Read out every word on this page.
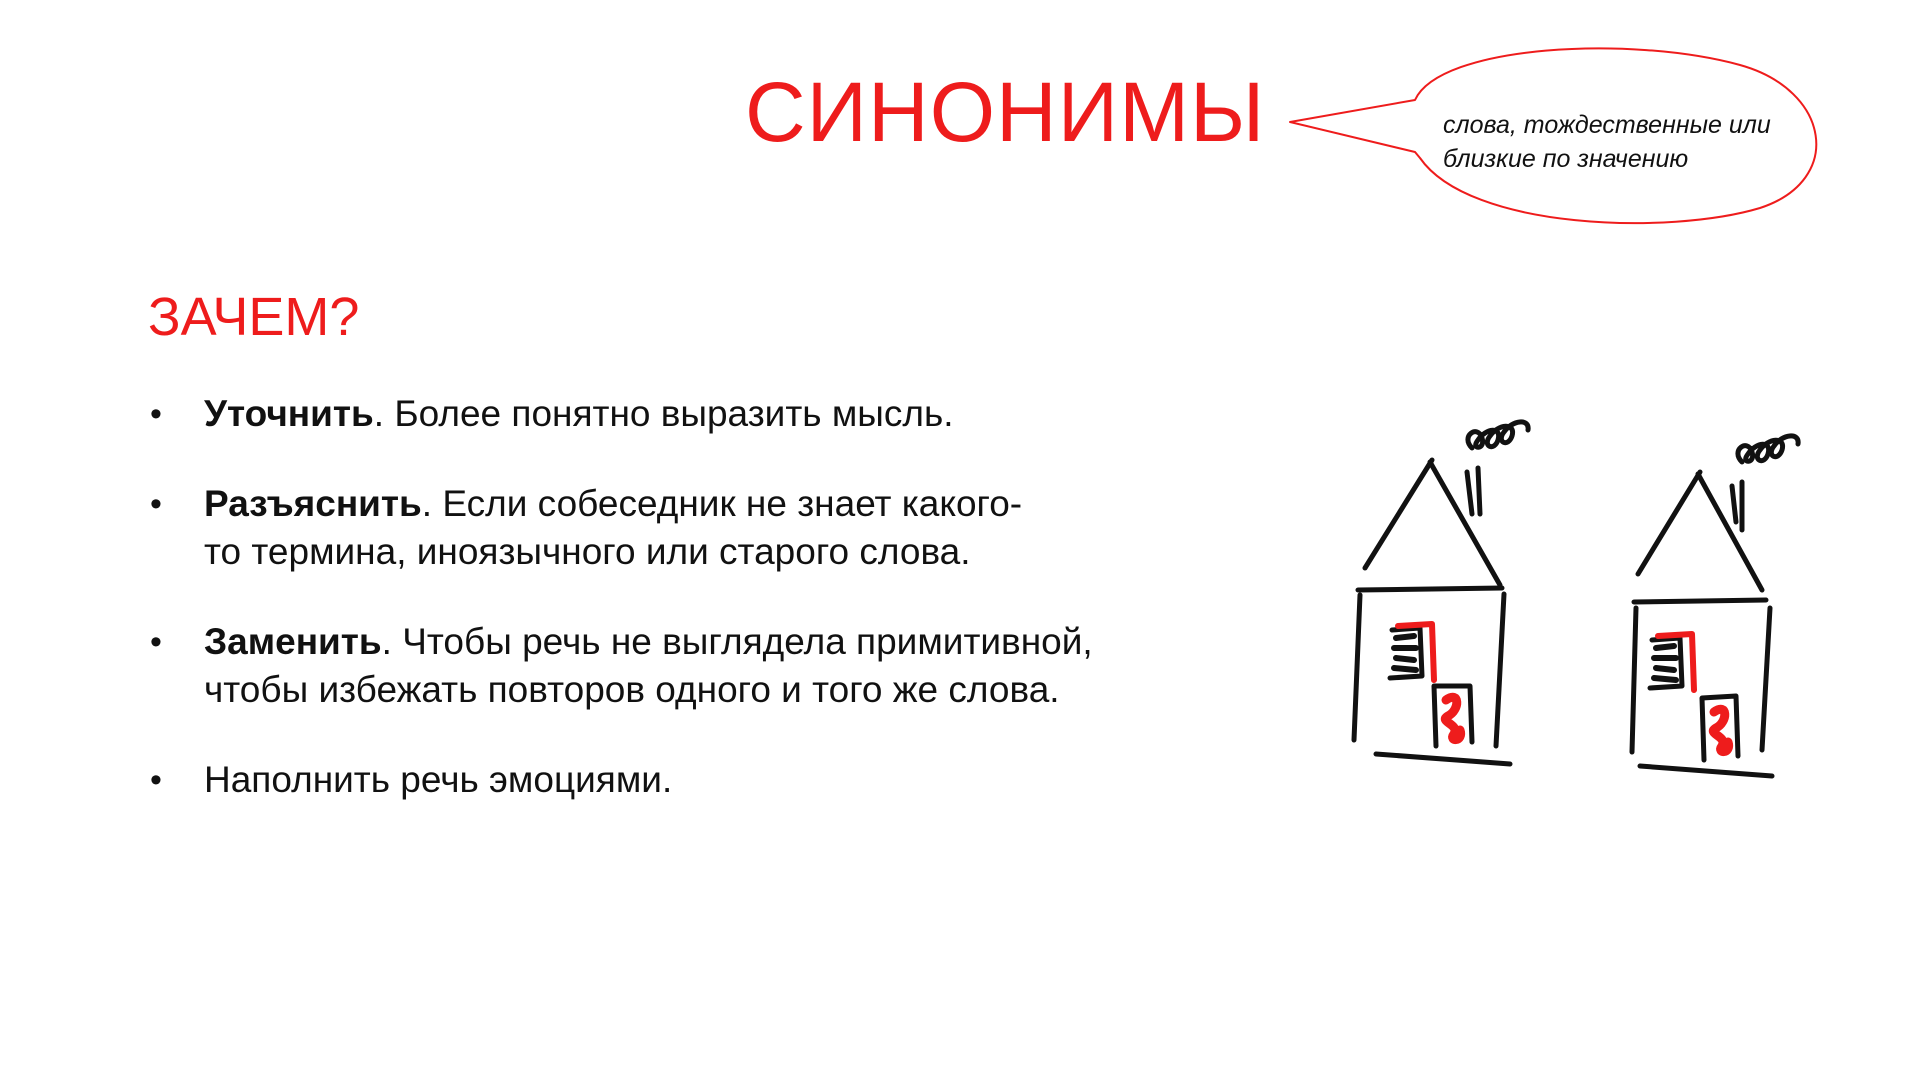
СИНОНИМЫ	слова, тождественные или
близкие по значению
ЗАЧЕМ?
• Уточнить. Более понятно выразить мысль.
• Разъяснить. Если собеседник не знает какого-
то термина, иноязычного или старого слова.
• Заменить. Чтобы речь не выглядела примитивной,
чтобы избежать повторов одного и того же слова.
• Наполнить речь эмоциями.
